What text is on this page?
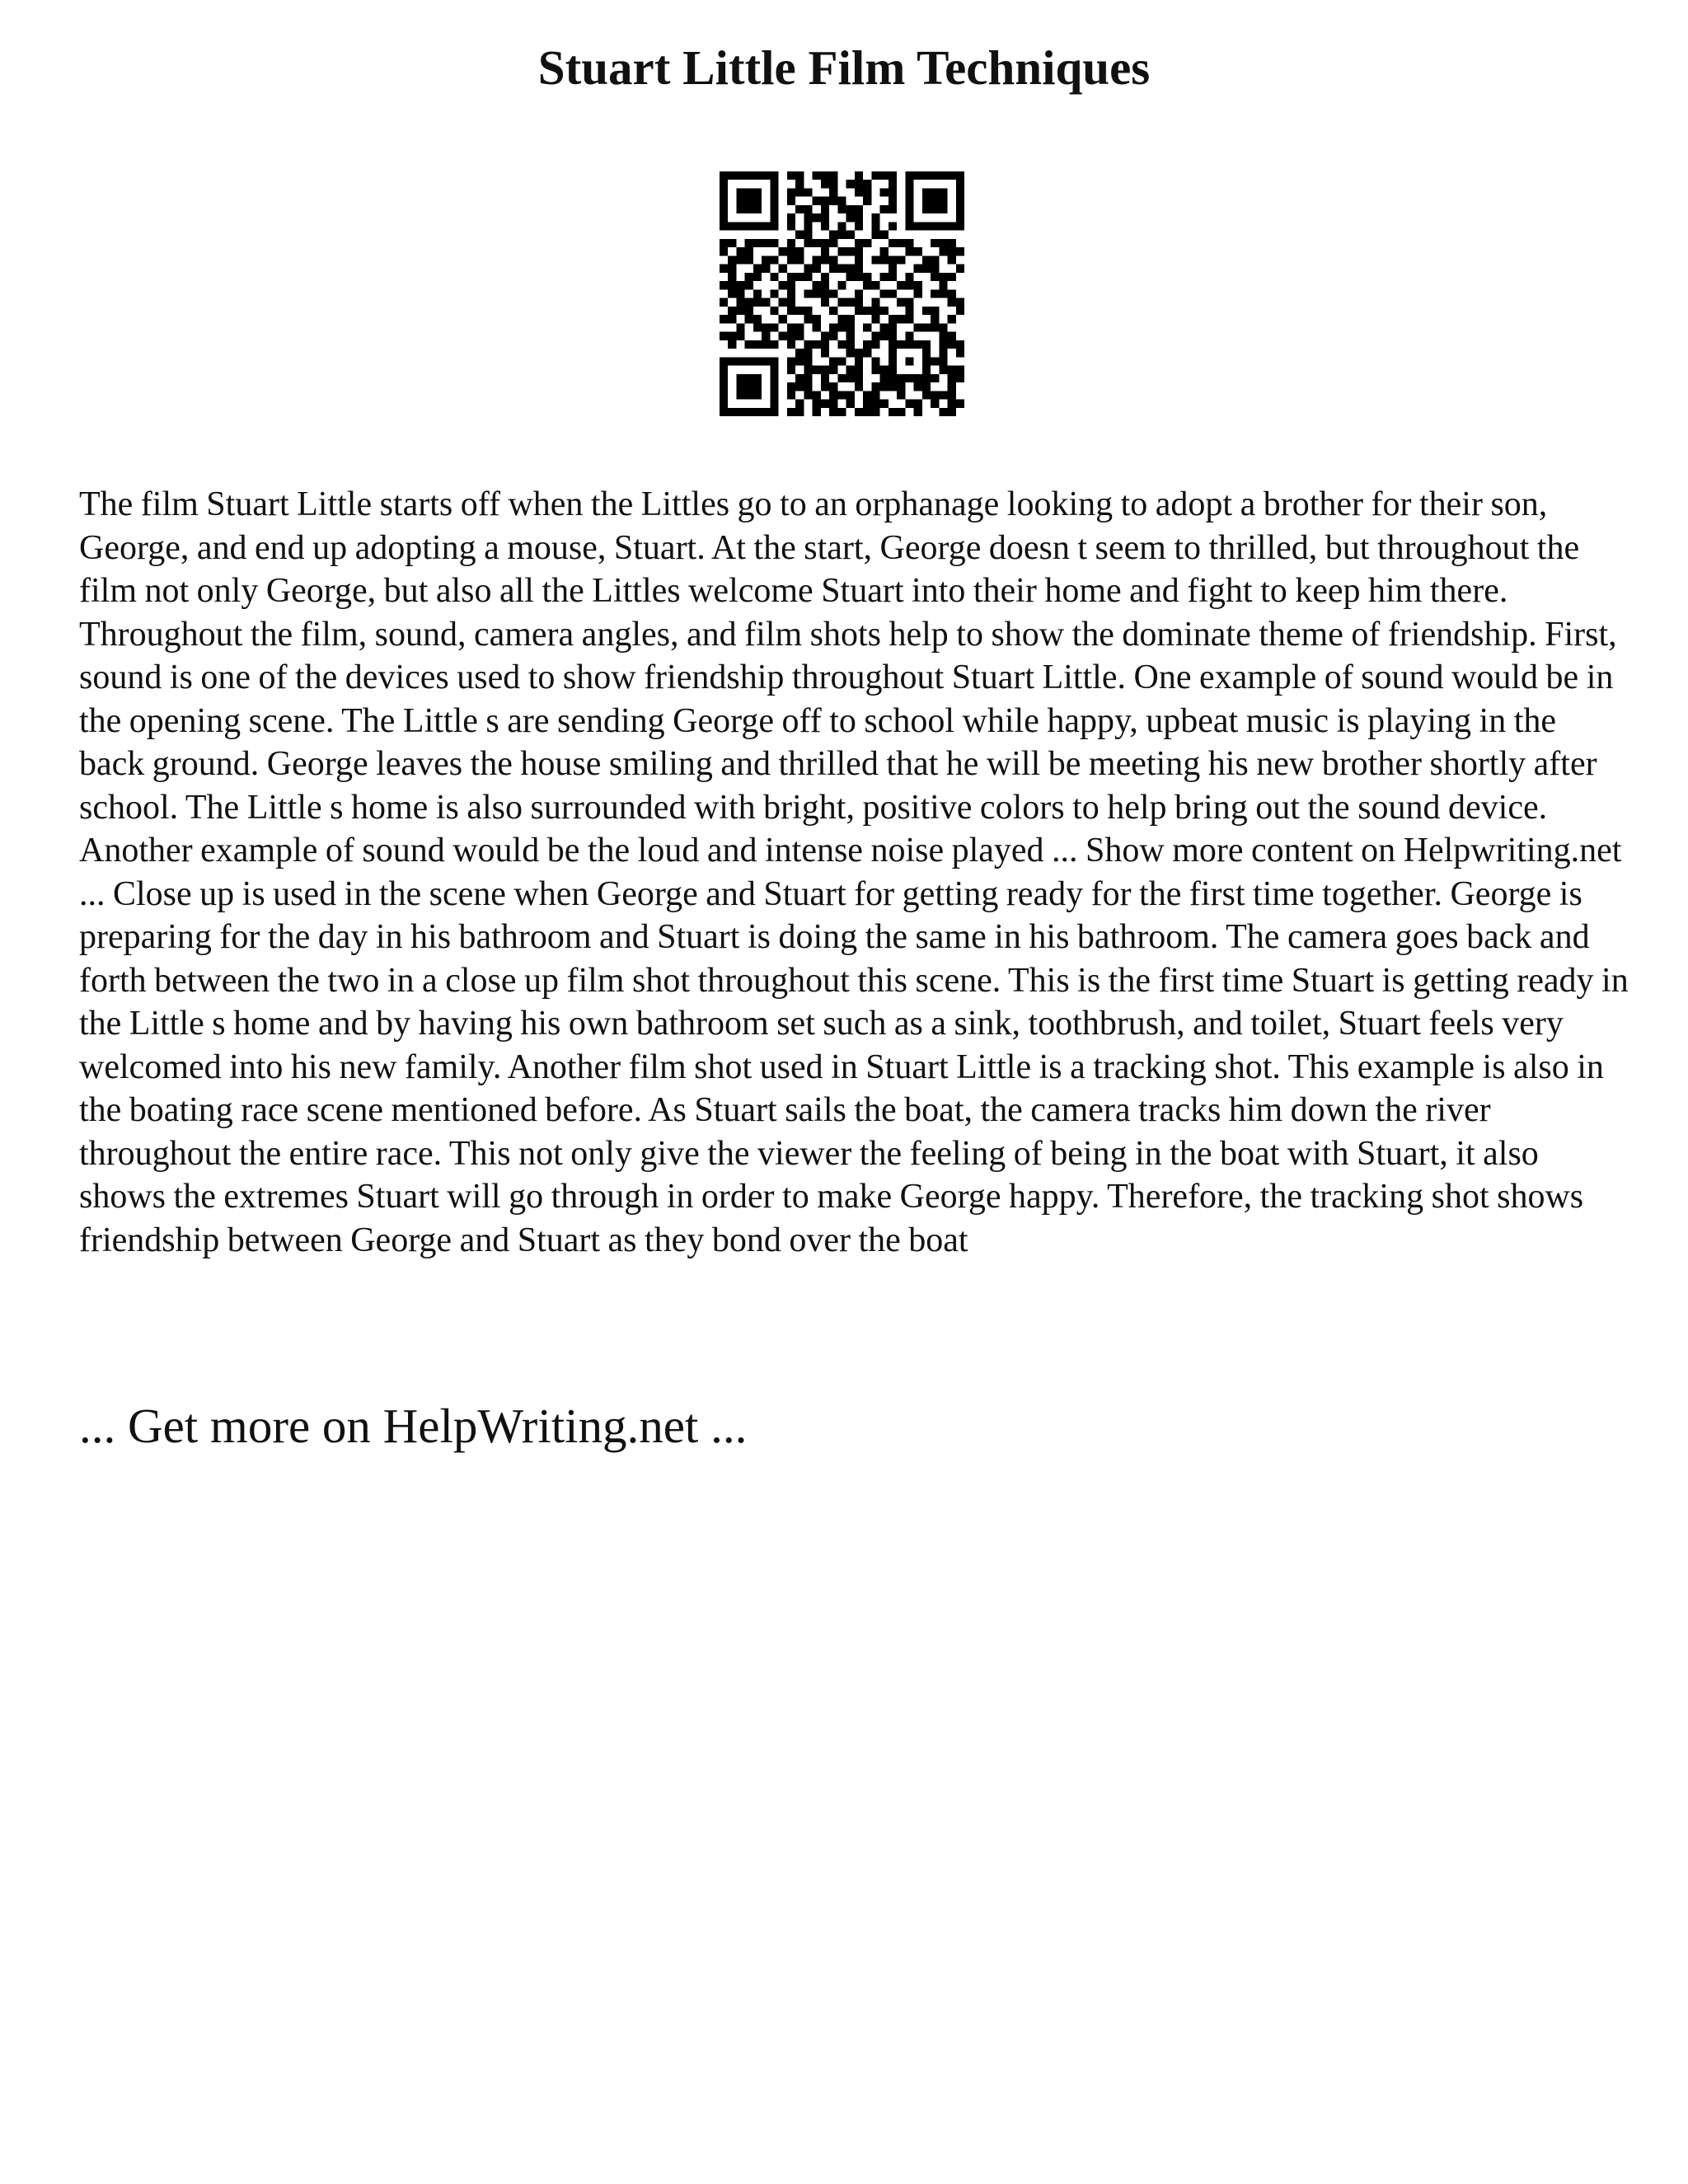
Stuart Little Film Techniques

The film Stuart Little starts off when the Littles go to an orphanage looking to adopt a brother for their son, George, and end up adopting a mouse, Stuart. At the start, George doesn t seem to thrilled, but throughout the film not only George, but also all the Littles welcome Stuart into their home and fight to keep him there. Throughout the film, sound, camera angles, and film shots help to show the dominate theme of friendship. First, sound is one of the devices used to show friendship throughout Stuart Little. One example of sound would be in the opening scene. The Little s are sending George off to school while happy, upbeat music is playing in the back ground. George leaves the house smiling and thrilled that he will be meeting his new brother shortly after school. The Little s home is also surrounded with bright, positive colors to help bring out the sound device. Another example of sound would be the loud and intense noise played ... Show more content on Helpwriting.net ... Close up is used in the scene when George and Stuart for getting ready for the first time together. George is preparing for the day in his bathroom and Stuart is doing the same in his bathroom. The camera goes back and forth between the two in a close up film shot throughout this scene. This is the first time Stuart is getting ready in the Little s home and by having his own bathroom set such as a sink, toothbrush, and toilet, Stuart feels very welcomed into his new family. Another film shot used in Stuart Little is a tracking shot. This example is also in the boating race scene mentioned before. As Stuart sails the boat, the camera tracks him down the river throughout the entire race. This not only give the viewer the feeling of being in the boat with Stuart, it also shows the extremes Stuart will go through in order to make George happy. Therefore, the tracking shot shows friendship between George and Stuart as they bond over the boat

... Get more on HelpWriting.net ...
